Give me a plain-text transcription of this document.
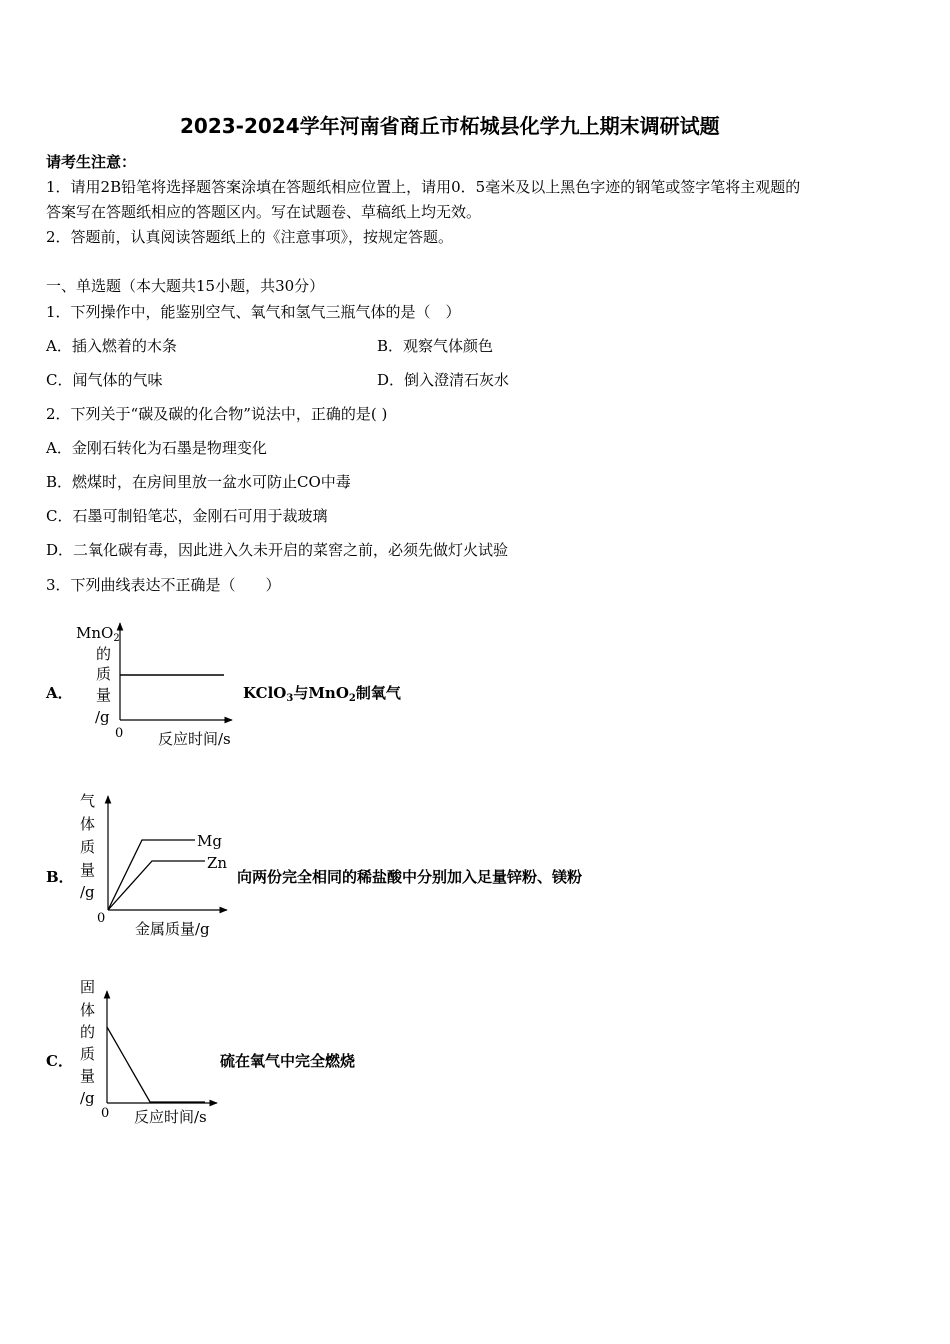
2023-2024学年河南省商丘市柘城县化学九上期末调研试题
请考生注意：
1．请用2B铅笔将选择题答案涂填在答题纸相应位置上，请用0．5毫米及以上黑色字迹的钢笔或签字笔将主观题的
答案写在答题纸相应的答题区内。写在试题卷、草稿纸上均无效。
2．答题前，认真阅读答题纸上的《注意事项》，按规定答题。
一、单选题（本大题共15小题，共30分）
1．下列操作中，能鉴别空气、氧气和氢气三瓶气体的是（　）
A．插入燃着的木条	B．观察气体颜色
C．闻气体的气味	D．倒入澄清石灰水
2．下列关于“碳及碳的化合物”说法中，正确的是( )
A．金刚石转化为石墨是物理变化
B．燃煤时，在房间里放一盆水可防止CO中毒
C．石墨可制铅笔芯，金刚石可用于裁玻璃
D．二氧化碳有毒，因此进入久未开启的菜窖之前，必须先做灯火试验
3．下列曲线表达不正确是（　　）
A．
MnO$_2$
的
质
量
/g
0 反应时间/s
KClO$_3$与MnO$_2$制氧气
B．
气
体
质
量
/g
Mg
Zn
0
金属质量/g
向两份完全相同的稀盐酸中分别加入足量锌粉、镁粉
C．
固
体
的
质
量
/g
0 反应时间/s
硫在氧气中完全燃烧
